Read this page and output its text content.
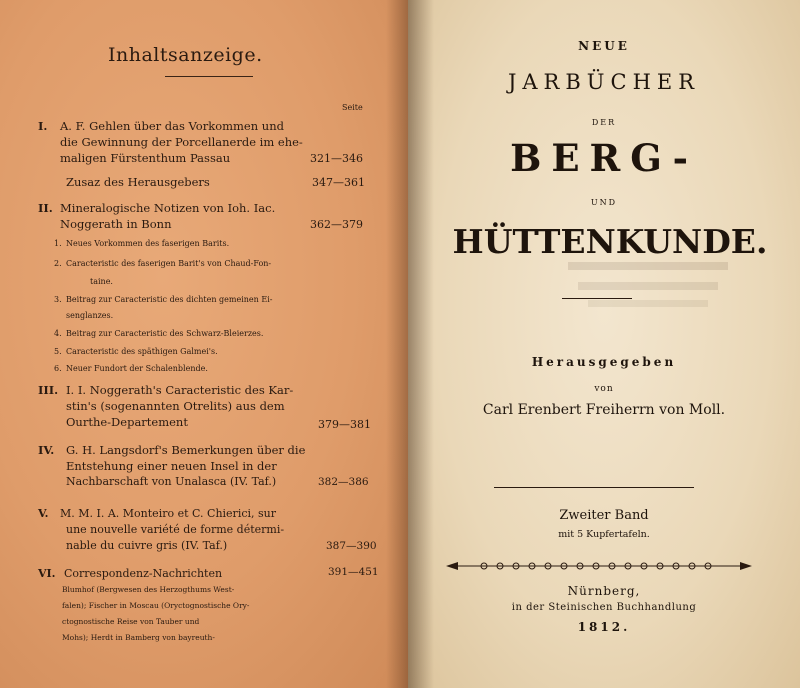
Inhaltsanzeige.
Seite
I. A. F. Gehlen über das Vorkommen und
die Gewinnung der Porcellanerde im ehe-
maligen Fürstenthum Passau	321—346
Zusaz des Herausgebers	347—361
II. Mineralogische Notizen von Ioh. Iac.
Noggerath in Bonn	362—379
1. Neues Vorkommen des faserigen Barits.
2. Caracteristic des faserigen Barit's von Chaud-Fon-
taine.
3. Beitrag zur Caracteristic des dichten gemeinen Ei-
senglanzes.
4. Beitrag zur Caracteristic des Schwarz-Bleierzes.
5. Caracteristic des späthigen Galmei's.
6. Neuer Fundort der Schalenblende.
III. I. I. Noggerath's Caracteristic des Kar-
stin's (sogenannten Otrelits) aus dem
Ourthe-Departement	379—381
IV. G. H. Langsdorf's Bemerkungen über die
Entstehung einer neuen Insel in der
Nachbarschaft von Unalasca (IV. Taf.)	382—386
V. M. M. I. A. Monteiro et C. Chierici, sur
une nouvelle variété de forme détermi-
nable du cuivre gris (IV. Taf.)	387—390
VI. Correspondenz-Nachrichten	391—451
Blumhof (Bergwesen des Herzogthums West-
falen); Fischer in Moscau (Oryctognostische Ory-
ctognostische Reise von Tauber und
Mohs); Herdt in Bamberg von bayreuth-
NEUE
JARBÜCHER
DER
BERG-
UND
HÜTTENKUNDE.
Herausgegeben
von
Carl Erenbert Freiherrn von Moll.
Zweiter Band
mit 5 Kupfertafeln.
Nürnberg,
in der Steinischen Buchhandlung
1812.
